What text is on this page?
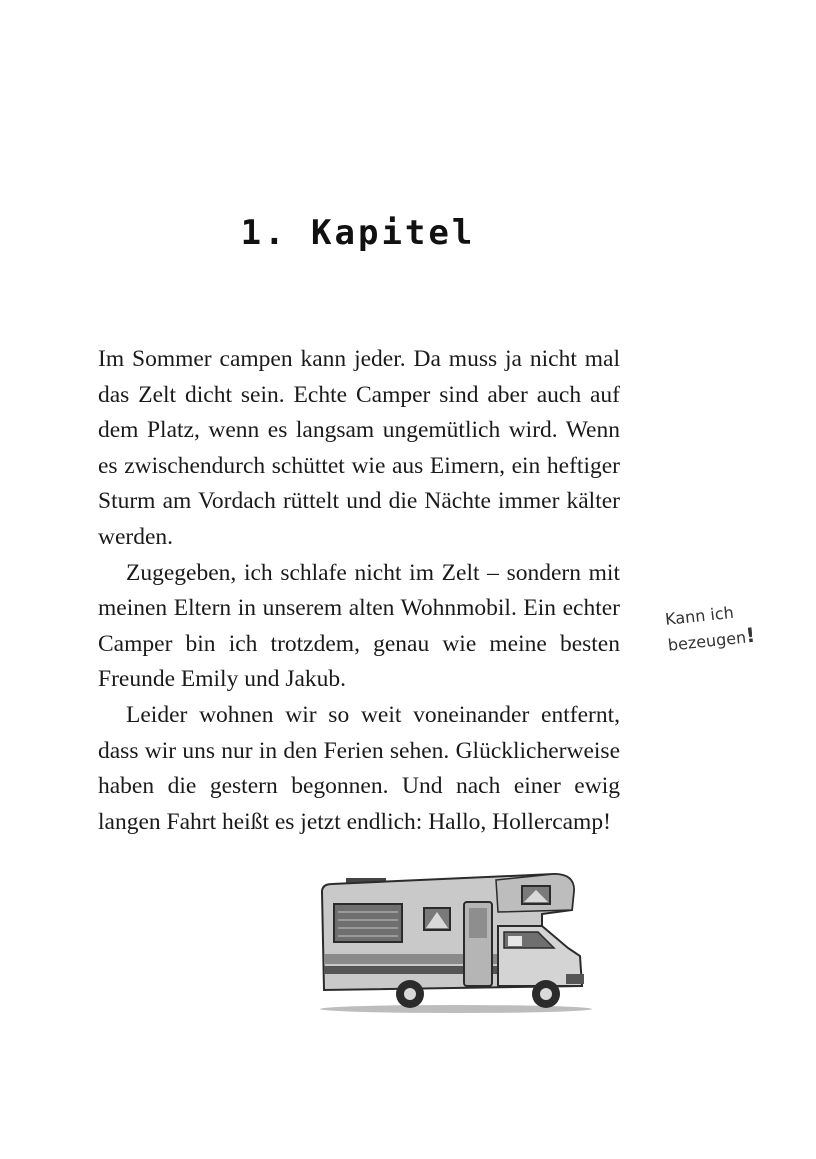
1. Kapitel

Im Sommer campen kann jeder. Da muss ja nicht mal das Zelt dicht sein. Echte Camper sind aber auch auf dem Platz, wenn es langsam ungemütlich wird. Wenn es zwischendurch schüttet wie aus Eimern, ein heftiger Sturm am Vordach rüttelt und die Nächte immer kälter werden.

Zugegeben, ich schlafe nicht im Zelt – sondern mit meinen Eltern in unserem alten Wohnmobil. Ein echter Camper bin ich trotzdem, genau wie meine besten Freunde Emily und Jakub.

Leider wohnen wir so weit voneinander entfernt, dass wir uns nur in den Ferien sehen. Glücklicherweise haben die gestern begonnen. Und nach einer ewig langen Fahrt heißt es jetzt endlich: Hallo, Hollercamp!

Kann ich
bezeugen!
